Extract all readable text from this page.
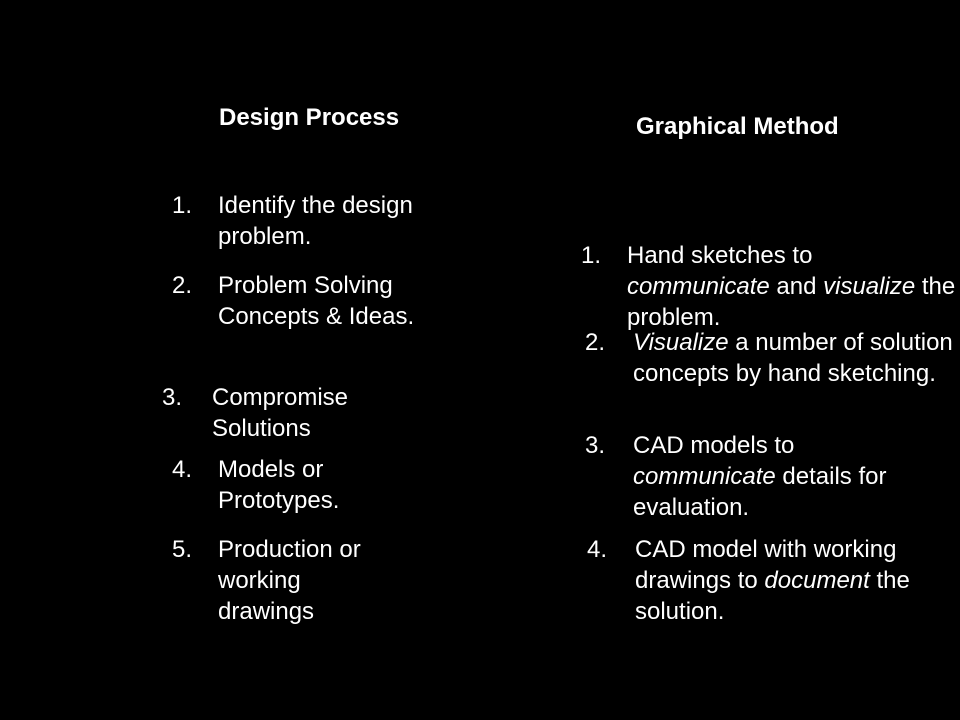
Design Process	Graphical Method
1. Identify the design problem.
2. Problem Solving Concepts & Ideas.
3. Compromise Solutions
4. Models or Prototypes.
5. Production or working drawings
1. Hand sketches to communicate and visualize the problem.
2. Visualize a number of solution concepts by hand sketching.
3. CAD models to communicate details for evaluation.
4. CAD model with working drawings to document the solution.
